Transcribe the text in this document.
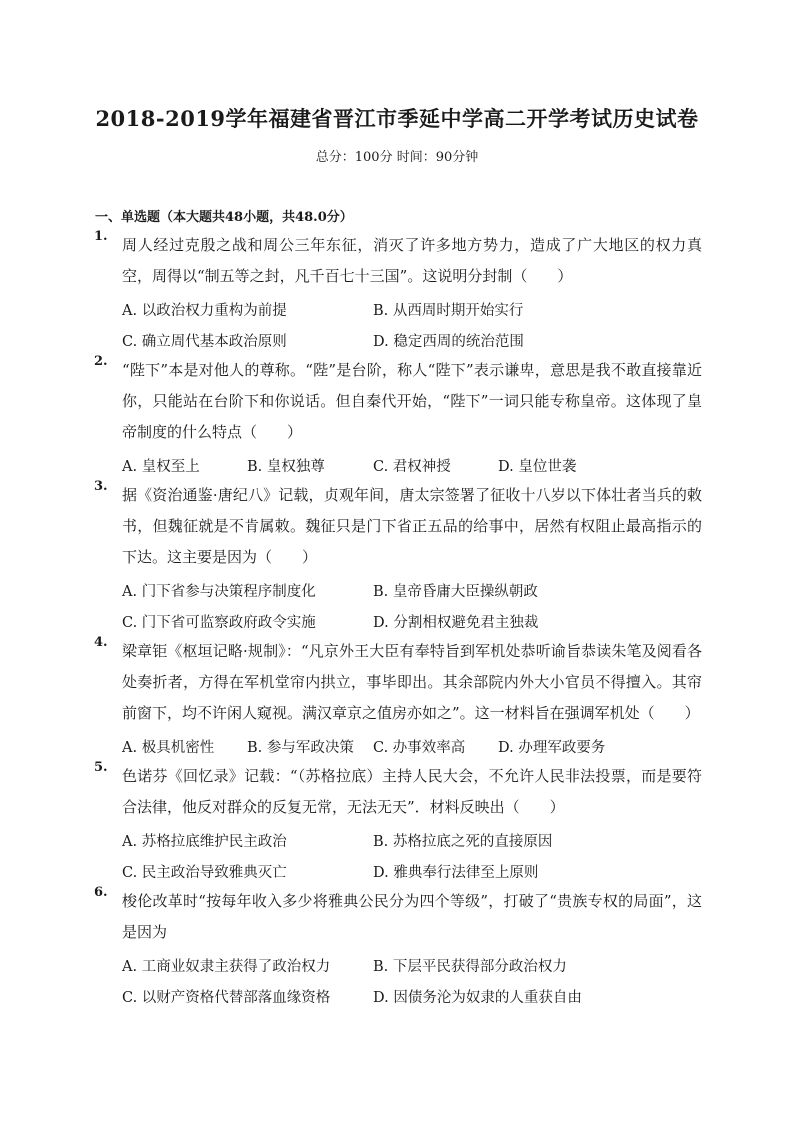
2018-2019学年福建省晋江市季延中学高二开学考试历史试卷
总分：100分 时间：90分钟
一、单选题（本大题共48小题，共48.0分）
1. 周人经过克殷之战和周公三年东征，消灭了许多地方势力，造成了广大地区的权力真空，周得以“制五等之封，凡千百七十三国”。这说明分封制（　　）
A. 以政治权力重构为前提	B. 从西周时期开始实行
C. 确立周代基本政治原则	D. 稳定西周的统治范围
2. “陛下”本是对他人的尊称。“陛”是台阶，称人“陛下”表示谦卑，意思是我不敢直接靠近你，只能站在台阶下和你说话。但自秦代开始，“陛下”一词只能专称皇帝。这体现了皇帝制度的什么特点（　　）
A. 皇权至上	B. 皇权独尊	C. 君权神授	D. 皇位世袭
3. 据《资治通鉴·唐纪八》记载，贞观年间，唐太宗签署了征收十八岁以下体壮者当兵的敕书，但魏征就是不肯属敕。魏征只是门下省正五品的给事中，居然有权阻止最高指示的下达。这主要是因为（　　）
A. 门下省参与决策程序制度化	B. 皇帝昏庸大臣操纵朝政
C. 门下省可监察政府政令实施	D. 分割相权避免君主独裁
4. 梁章钜《枢垣记略·规制》：“凡京外王大臣有奉特旨到军机处恭听谕旨恭读朱笔及阅看各处奏折者，方得在军机堂帘内拱立，事毕即出。其余部院内外大小官员不得擅入。其帘前窗下，均不许闲人窥视。满汉章京之值房亦如之”。这一材料旨在强调军机处（　　）
A. 极具机密性 B. 参与军政决策 C. 办事效率高 D. 办理军政要务
5. 色诺芬《回忆录》记载：“（苏格拉底）主持人民大会，不允许人民非法投票，而是要符合法律，他反对群众的反复无常，无法无天”．材料反映出（　　）
A. 苏格拉底维护民主政治	B. 苏格拉底之死的直接原因
C. 民主政治导致雅典灭亡	D. 雅典奉行法律至上原则
6. 梭伦改革时“按每年收入多少将雅典公民分为四个等级”，打破了“贵族专权的局面”，这是因为
A. 工商业奴隶主获得了政治权力	B. 下层平民获得部分政治权力
C. 以财产资格代替部落血缘资格	D. 因债务沦为奴隶的人重获自由
